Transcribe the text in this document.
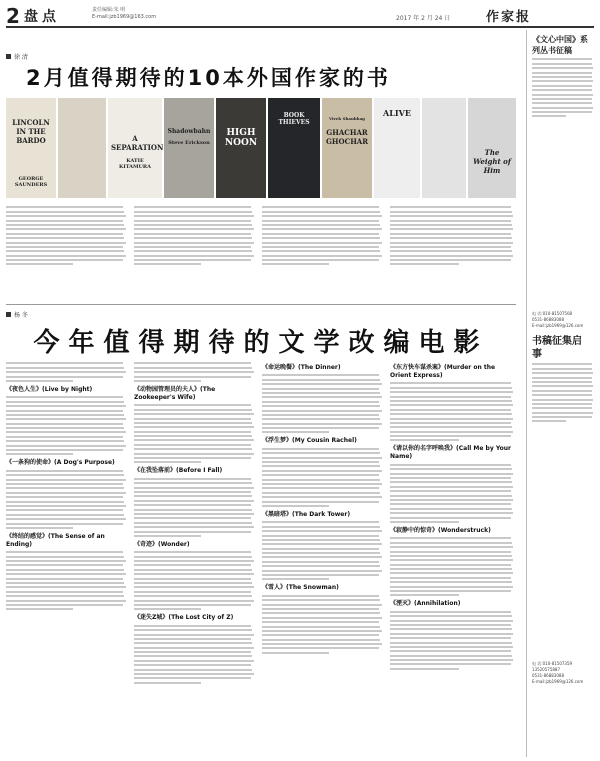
2 盘点	责任编辑:朱 明
E-mail:jzb1969@163.com	2017 年 2 月 24 日	作家报
徐 清
2月值得期待的10本外国作家的书
LINCOLN IN THE BARDO
GEORGE SAUNDERS
A SEPARATION
KATIE KITAMURA
Shadowbahn
Steve Erickson
HIGH NOON
BOOK THIEVES
GHACHAR GHOCHAR
Vivek Shanbhag
ALIVE
The Weight of Him
杨 冬
今年值得期待的文学改编电影
《夜色人生》(Live by Night)
《一条狗的使命》(A Dog's Purpose)
《终结的感觉》(The Sense of an Ending)
《动物园管理员的夫人》(The Zookeeper's Wife)
《在我坠落前》(Before I Fall)
《奇迹》(Wonder)
《迷失Z城》(The Lost City of Z)
《命运晚餐》(The Dinner)
《浮生梦》(My Cousin Rachel)
《黑暗塔》(The Dark Tower)
《雪人》(The Snowman)
《东方快车谋杀案》(Murder on the Orient Express)
《请以你的名字呼唤我》(Call Me by Your Name)
《寂静中的惊奇》(Wonderstruck)
《湮灭》(Annihilation)
《文心中国》系列丛书征稿
电 话:010-81507508
0531-86883088
E-mail:jzb1969@126.com
书稿征集启 事
电 话:010-81507359
13520575887
0531-86883088
E-mail:jzb1969@126.com
